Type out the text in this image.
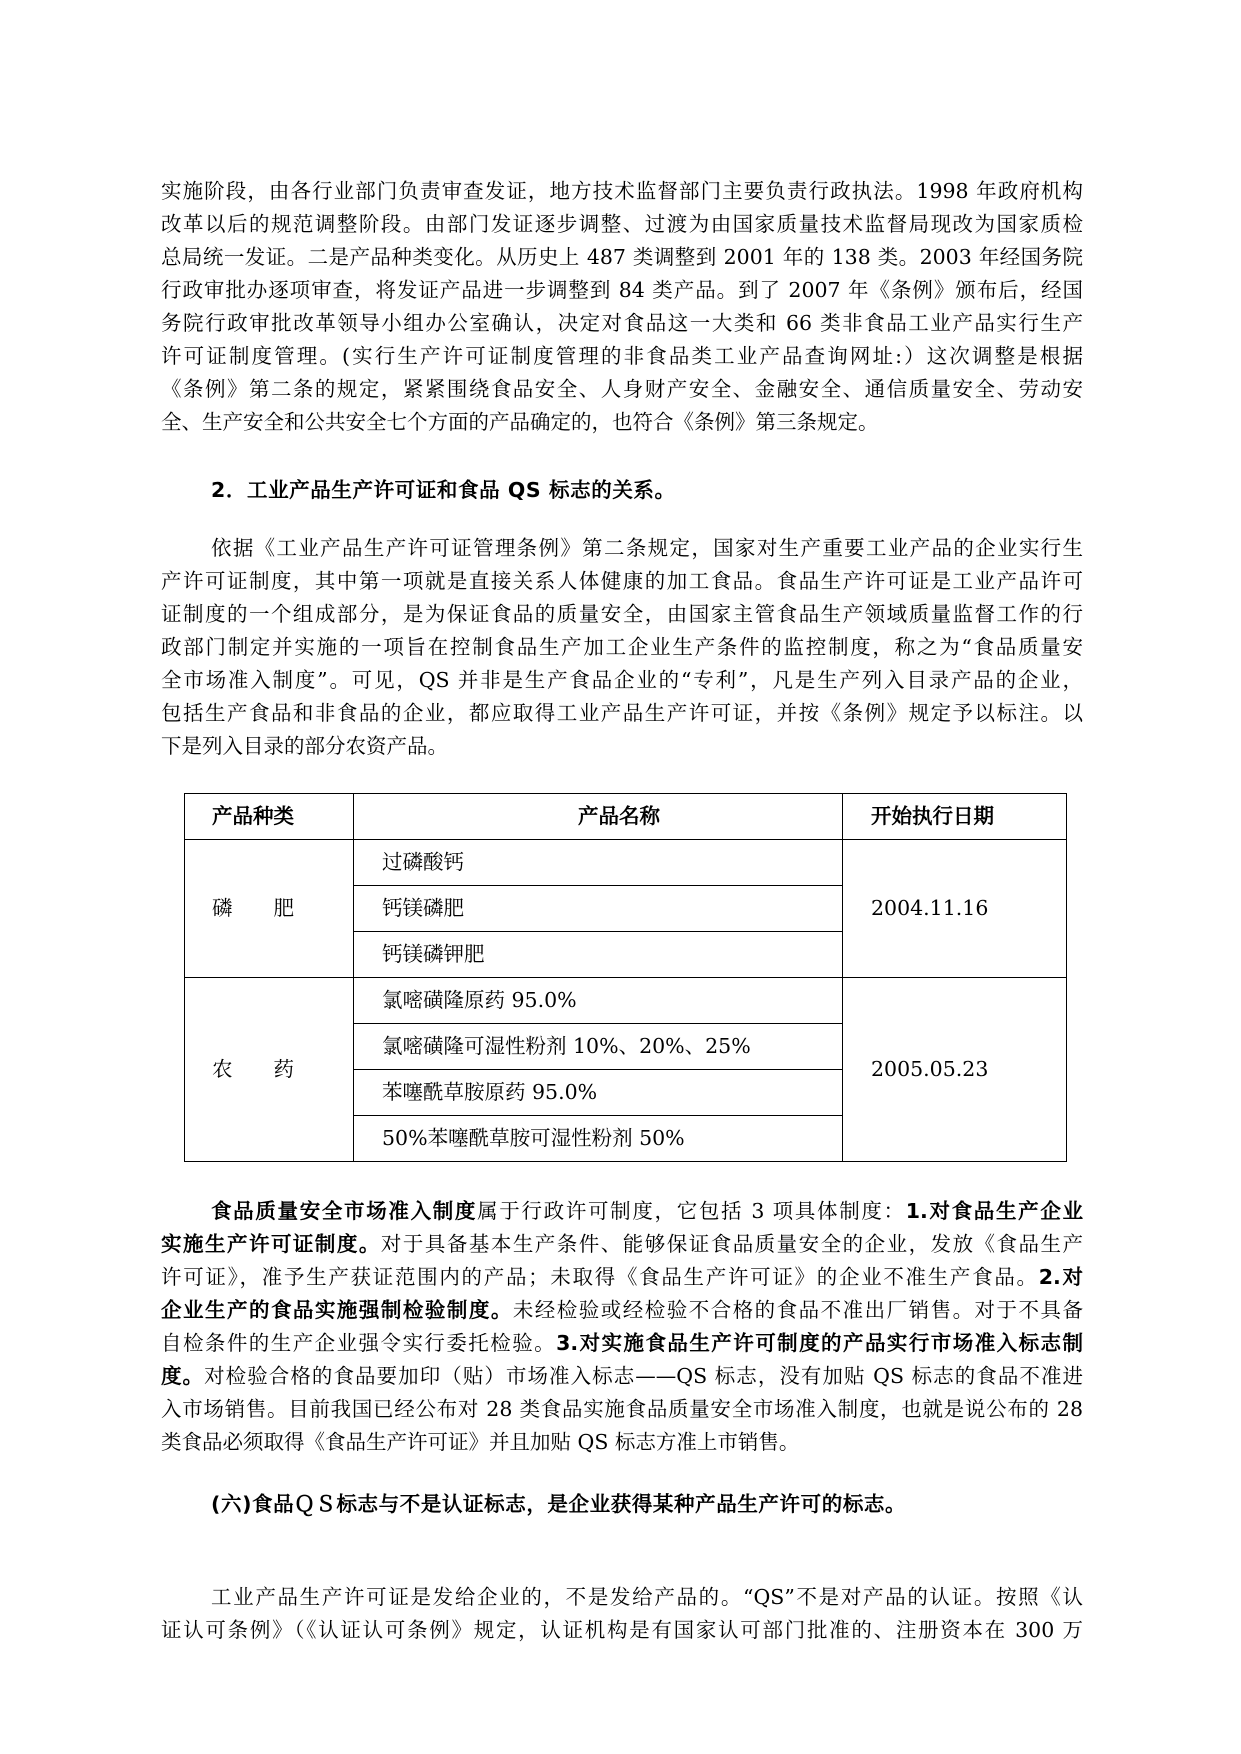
实施阶段，由各行业部门负责审查发证，地方技术监督部门主要负责行政执法。1998 年政府机构
改革以后的规范调整阶段。由部门发证逐步调整、过渡为由国家质量技术监督局现改为国家质检
总局统一发证。二是产品种类变化。从历史上 487 类调整到 2001 年的 138 类。2003 年经国务院
行政审批办逐项审查，将发证产品进一步调整到 84 类产品。到了 2007 年《条例》颁布后，经国
务院行政审批改革领导小组办公室确认，决定对食品这一大类和 66 类非食品工业产品实行生产
许可证制度管理。(实行生产许可证制度管理的非食品类工业产品查询网址:）这次调整是根据
《条例》第二条的规定，紧紧围绕食品安全、人身财产安全、金融安全、通信质量安全、劳动安
全、生产安全和公共安全七个方面的产品确定的，也符合《条例》第三条规定。
2．工业产品生产许可证和食品 QS 标志的关系。
依据《工业产品生产许可证管理条例》第二条规定，国家对生产重要工业产品的企业实行生
产许可证制度，其中第一项就是直接关系人体健康的加工食品。食品生产许可证是工业产品许可
证制度的一个组成部分，是为保证食品的质量安全，由国家主管食品生产领域质量监督工作的行
政部门制定并实施的一项旨在控制食品生产加工企业生产条件的监控制度，称之为“食品质量安
全市场准入制度”。可见，QS 并非是生产食品企业的“专利”，凡是生产列入目录产品的企业，
包括生产食品和非食品的企业，都应取得工业产品生产许可证，并按《条例》规定予以标注。以
下是列入目录的部分农资产品。
产品种类	产品名称	开始执行日期
磷　　肥	过磷酸钙	2004.11.16
	钙镁磷肥	
	钙镁磷钾肥	
农　　药	氯嘧磺隆原药 95.0%	2005.05.23
	氯嘧磺隆可湿性粉剂 10%、20%、25%	
	苯噻酰草胺原药 95.0%	
	50%苯噻酰草胺可湿性粉剂 50%	
食品质量安全市场准入制度属于行政许可制度，它包括 3 项具体制度：1.对食品生产企业
实施生产许可证制度。对于具备基本生产条件、能够保证食品质量安全的企业，发放《食品生产
许可证》，准予生产获证范围内的产品；未取得《食品生产许可证》的企业不准生产食品。2.对
企业生产的食品实施强制检验制度。未经检验或经检验不合格的食品不准出厂销售。对于不具备
自检条件的生产企业强令实行委托检验。3.对实施食品生产许可制度的产品实行市场准入标志制
度。对检验合格的食品要加印（贴）市场准入标志——QS 标志，没有加贴 QS 标志的食品不准进
入市场销售。目前我国已经公布对 28 类食品实施食品质量安全市场准入制度，也就是说公布的 28
类食品必须取得《食品生产许可证》并且加贴 QS 标志方准上市销售。
(六)食品ＱＳ标志与不是认证标志，是企业获得某种产品生产许可的标志。
工业产品生产许可证是发给企业的，不是发给产品的。“QS”不是对产品的认证。按照《认
证认可条例》（《认证认可条例》规定，认证机构是有国家认可部门批准的、注册资本在 300 万
